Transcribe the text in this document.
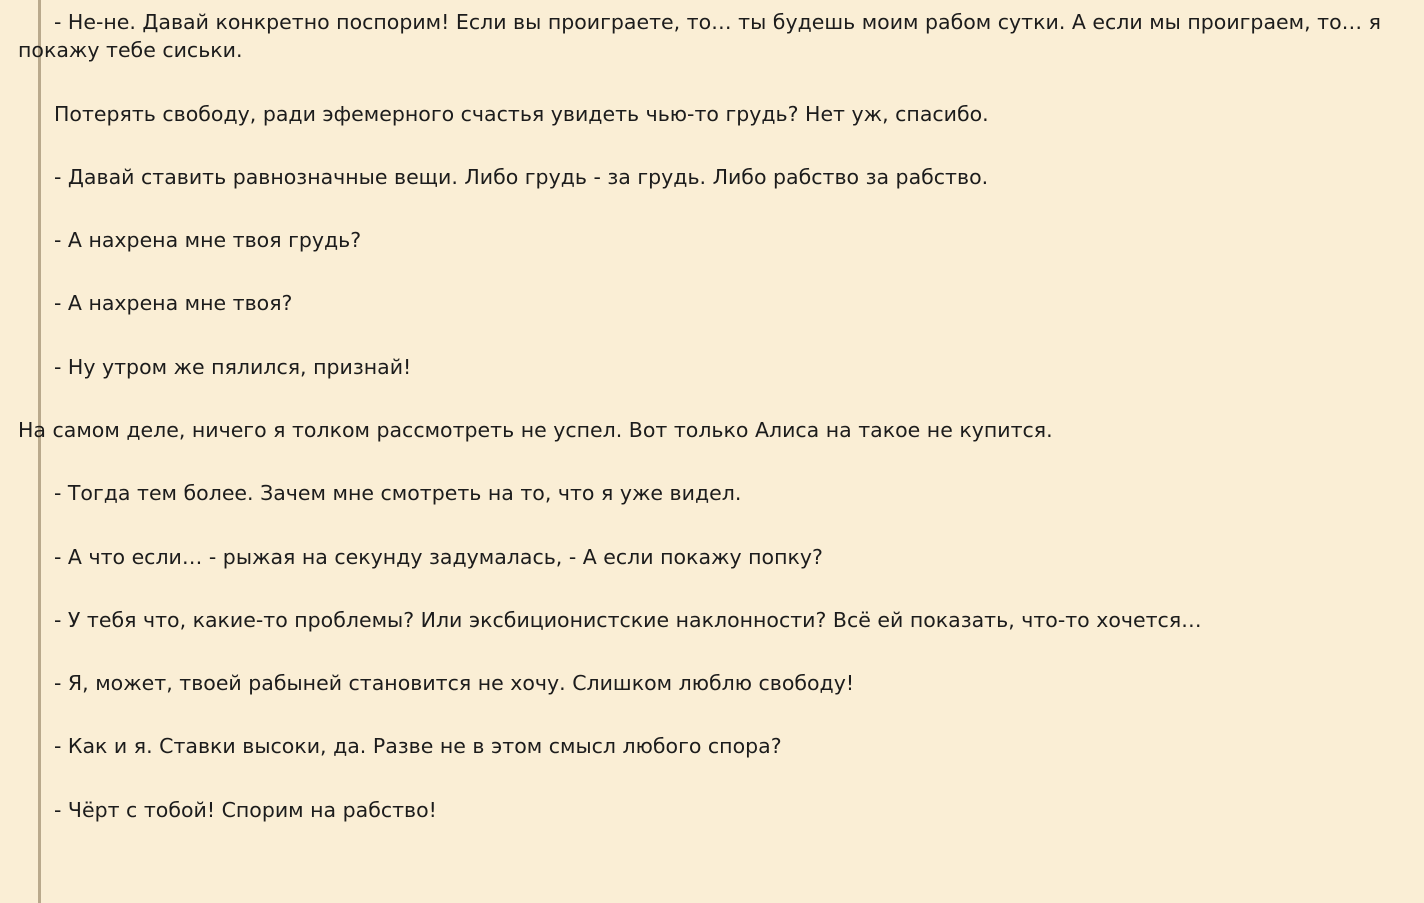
- Не-не. Давай конкретно поспорим! Если вы проиграете, то… ты будешь моим рабом сутки. А если мы проиграем, то… я покажу тебе сиськи.

Потерять свободу, ради эфемерного счастья увидеть чью-то грудь? Нет уж, спасибо.

- Давай ставить равнозначные вещи. Либо грудь - за грудь. Либо рабство за рабство.

- А нахрена мне твоя грудь?

- А нахрена мне твоя?

- Ну утром же пялился, признай!

На самом деле, ничего я толком рассмотреть не успел. Вот только Алиса на такое не купится.

- Тогда тем более. Зачем мне смотреть на то, что я уже видел.

- А что если… - рыжая на секунду задумалась, - А если покажу попку?

- У тебя что, какие-то проблемы? Или эксбиционистские наклонности? Всё ей показать, что-то хочется…

- Я, может, твоей рабыней становится не хочу. Слишком люблю свободу!

- Как и я. Ставки высоки, да. Разве не в этом смысл любого спора?

- Чёрт с тобой! Спорим на рабство!
